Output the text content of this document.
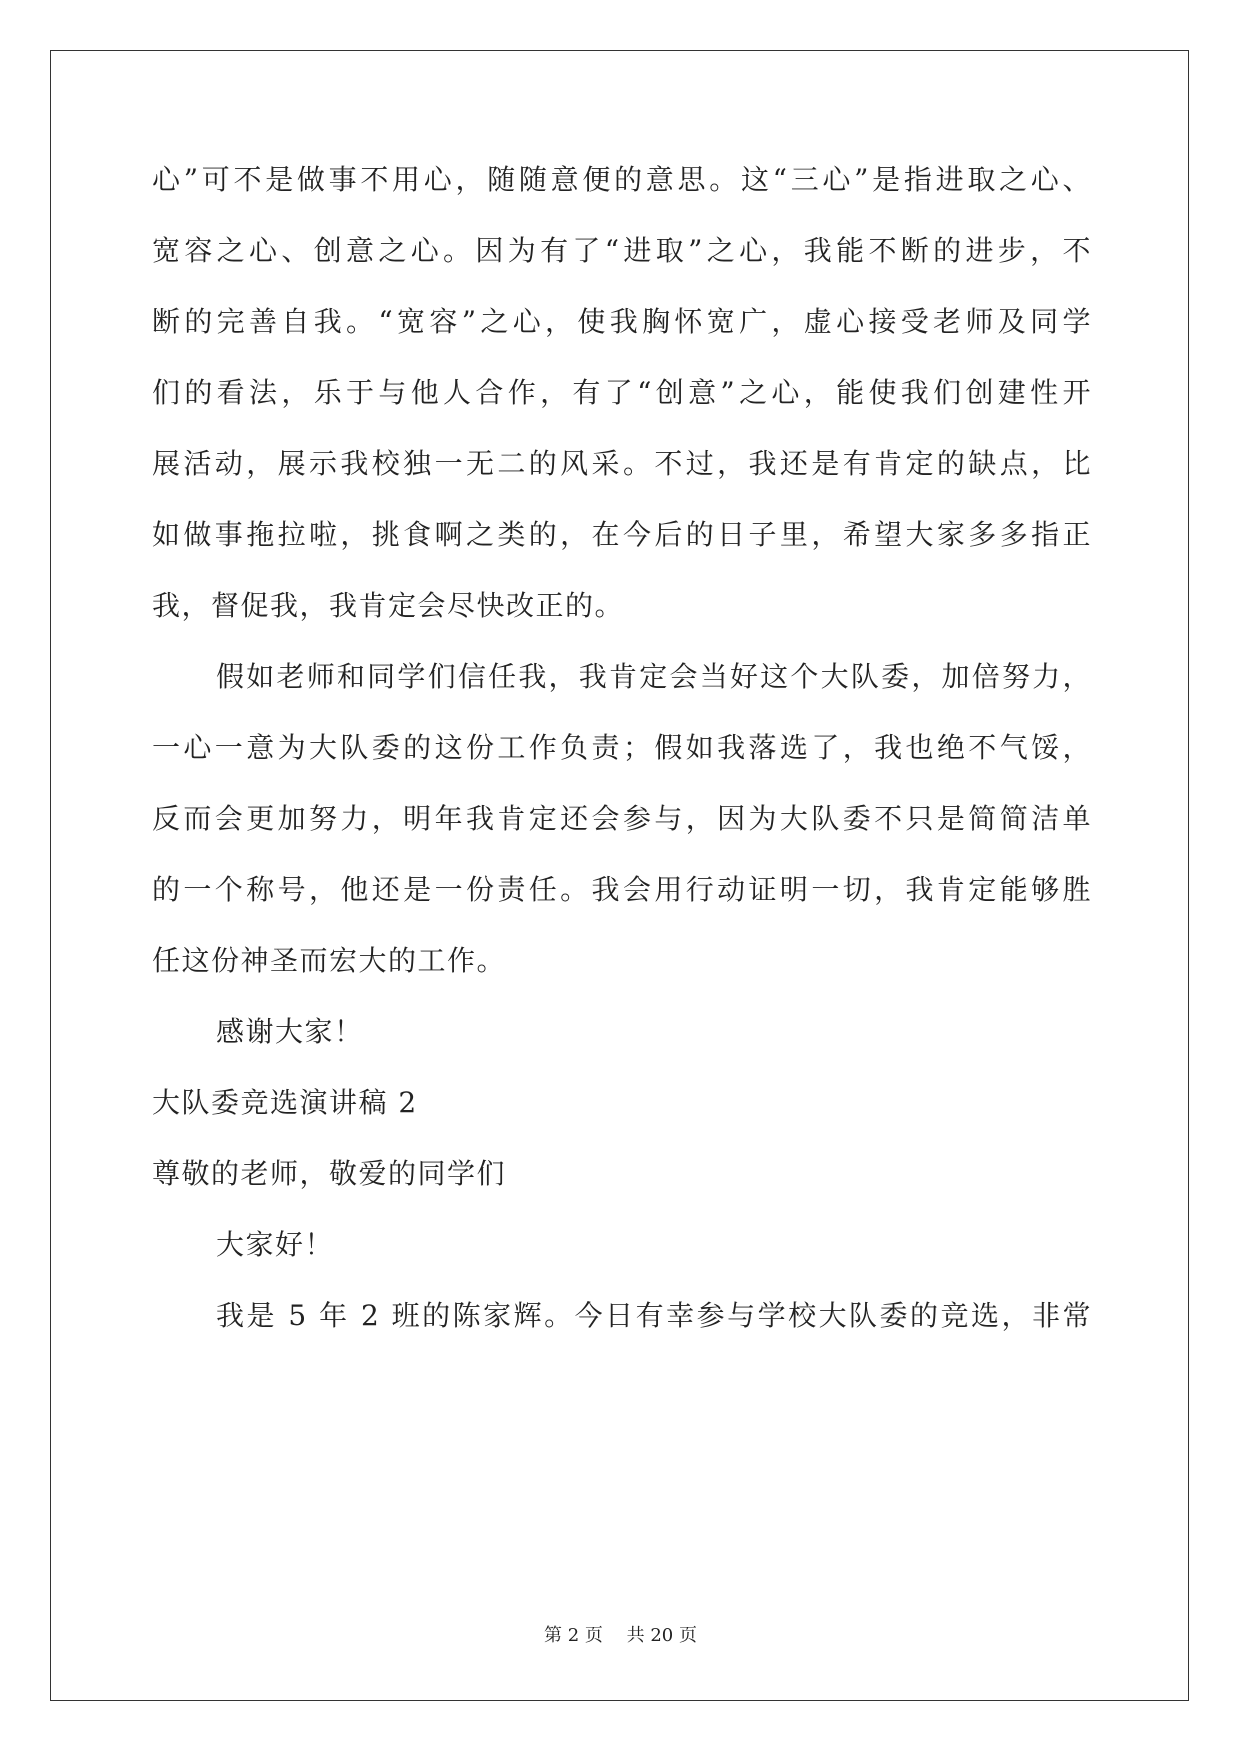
心”可不是做事不用心，随随意便的意思。这“三心”是指进取之心、
宽容之心、创意之心。因为有了“进取”之心，我能不断的进步，不
断的完善自我。“宽容”之心，使我胸怀宽广，虚心接受老师及同学
们的看法，乐于与他人合作，有了“创意”之心，能使我们创建性开
展活动，展示我校独一无二的风采。不过，我还是有肯定的缺点，比
如做事拖拉啦，挑食啊之类的，在今后的日子里，希望大家多多指正
我，督促我，我肯定会尽快改正的。
假如老师和同学们信任我，我肯定会当好这个大队委，加倍努力，
一心一意为大队委的这份工作负责；假如我落选了，我也绝不气馁，
反而会更加努力，明年我肯定还会参与，因为大队委不只是简简洁单
的一个称号，他还是一份责任。我会用行动证明一切，我肯定能够胜
任这份神圣而宏大的工作。
感谢大家！
大队委竞选演讲稿 2
尊敬的老师，敬爱的同学们
大家好！
我是 5 年 2 班的陈家辉。今日有幸参与学校大队委的竞选，非常
第 2 页　 共 20 页
